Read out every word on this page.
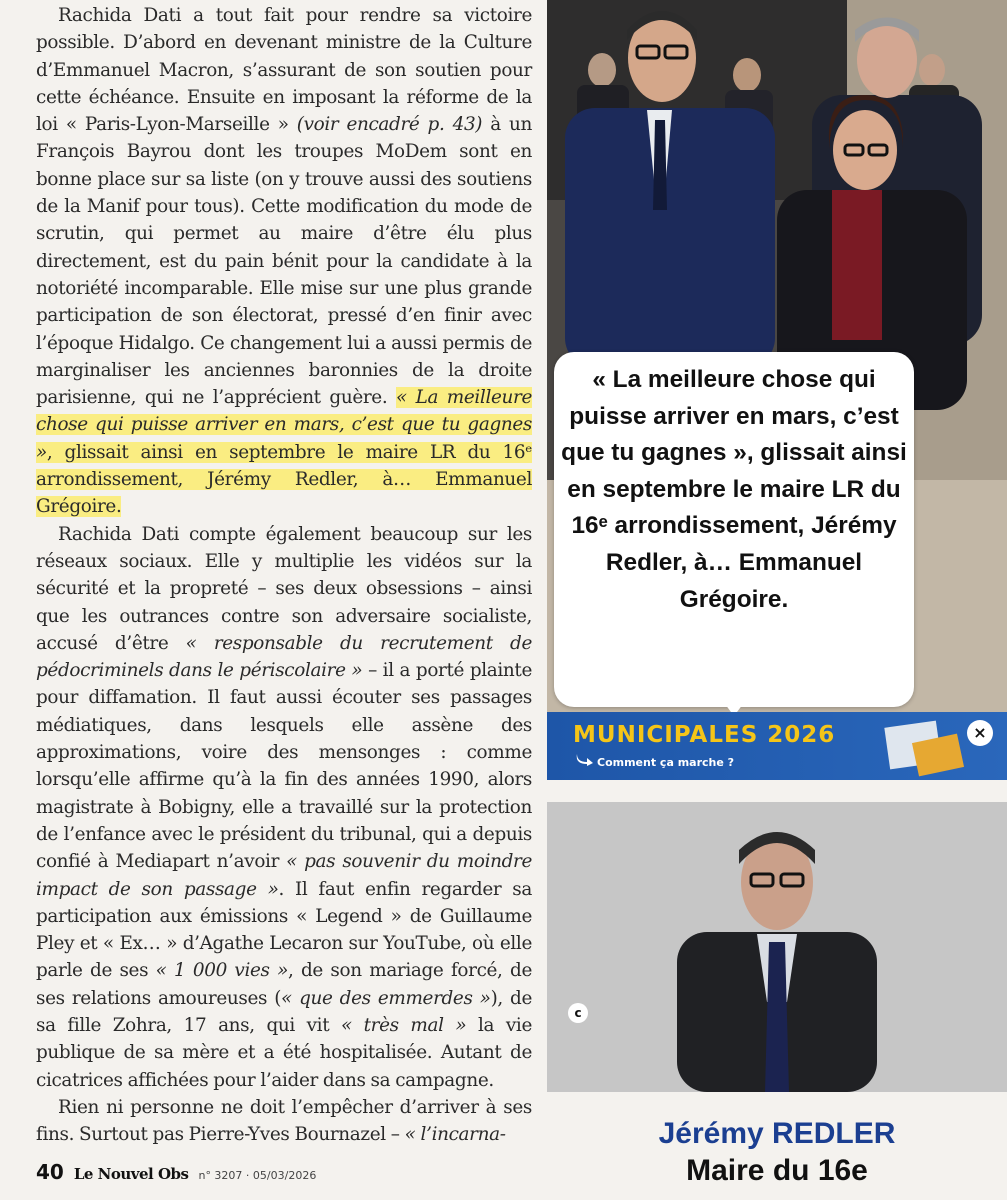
Rachida Dati a tout fait pour rendre sa victoire possible. D’abord en devenant ministre de la Culture d’Emmanuel Macron, s’assurant de son soutien pour cette échéance. Ensuite en imposant la réforme de la loi « Paris-Lyon-Marseille » (voir encadré p. 43) à un François Bayrou dont les troupes MoDem sont en bonne place sur sa liste (on y trouve aussi des soutiens de la Manif pour tous). Cette modification du mode de scrutin, qui permet au maire d’être élu plus directement, est du pain bénit pour la candidate à la notoriété incomparable. Elle mise sur une plus grande participation de son électorat, pressé d’en finir avec l’époque Hidalgo. Ce changement lui a aussi permis de marginaliser les anciennes baronnies de la droite parisienne, qui ne l’apprécient guère. « La meilleure chose qui puisse arriver en mars, c’est que tu gagnes », glissait ainsi en septembre le maire LR du 16ᵉ arrondissement, Jérémy Redler, à… Emmanuel Grégoire.

Rachida Dati compte également beaucoup sur les réseaux sociaux. Elle y multiplie les vidéos sur la sécurité et la propreté – ses deux obsessions – ainsi que les outrances contre son adversaire socialiste, accusé d’être « responsable du recrutement de pédocriminels dans le périscolaire » – il a porté plainte pour diffamation. Il faut aussi écouter ses passages médiatiques, dans lesquels elle assène des approximations, voire des mensonges : comme lorsqu’elle affirme qu’à la fin des années 1990, alors magistrate à Bobigny, elle a travaillé sur la protection de l’enfance avec le président du tribunal, qui a depuis confié à Mediapart n’avoir « pas souvenir du moindre impact de son passage ». Il faut enfin regarder sa participation aux émissions « Legend » de Guillaume Pley et « Ex… » d’Agathe Lecaron sur YouTube, où elle parle de ses « 1 000 vies », de son mariage forcé, de ses relations amoureuses (« que des emmerdes »), de sa fille Zohra, 17 ans, qui vit « très mal » la vie publique de sa mère et a été hospitalisée. Autant de cicatrices affichées pour l’aider dans sa campagne.

Rien ni personne ne doit l’empêcher d’arriver à ses fins. Surtout pas Pierre-Yves Bournazel – « l’incarna-

40 Le Nouvel Obs n° 3207 · 05/03/2026
« La meilleure chose qui puisse arriver en mars, c’est que tu gagnes », glissait ainsi en septembre le maire LR du 16ᵉ arrondissement, Jérémy Redler, à… Emmanuel Grégoire.
MUNICIPALES 2026
Comment ça marche ?
×
c
Jérémy REDLER
Maire du 16e
